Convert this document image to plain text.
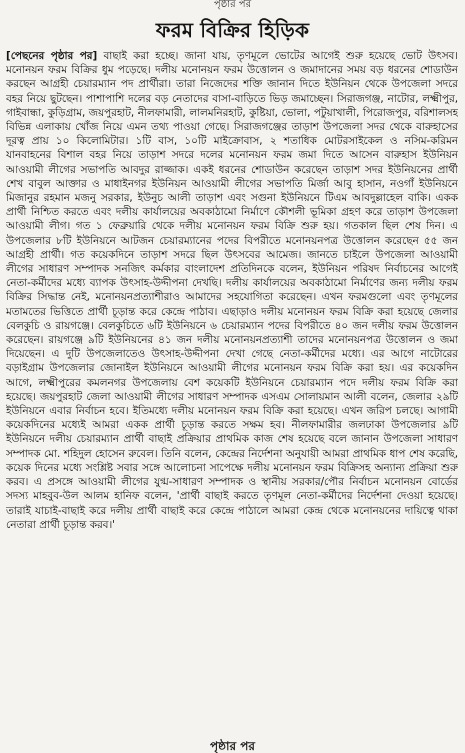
পৃষ্ঠার পর
ফরম বিক্রির হিড়িক

[পেছনের পৃষ্ঠার পর] বাছাই করা হচ্ছে। জানা যায়, তৃণমূলে ভোটের আগেই শুরু হয়েছে ভোট উৎসব। মনোনয়ন ফরম বিক্রির ধুম পড়েছে। দলীয় মনোনয়ন ফরম উত্তোলন ও জমাদানের সময় বড় ধরনের শোডাউন করছেন আগ্রহী চেয়ারম্যান পদ প্রার্থীরা। তারা নিজেদের শক্তি জানান দিতে ইউনিয়ন থেকে উপজেলা সদরে বহর নিয়ে ছুটছেন। পাশাপাশি দলের বড় নেতাদের বাসা-বাড়িতে ভিড় জমাচ্ছেন। সিরাজগঞ্জ, নাটোর, লক্ষ্মীপুর, গাইবান্ধা, কুড়িগ্রাম, জয়পুরহাট, নীলফামারী, লালমনিরহাট, কুষ্টিয়া, ভোলা, পটুয়াখালী, পিরোজপুর, বরিশালসহ বিভিন্ন এলাকায় খোঁজ নিয়ে এমন তথ্য পাওয়া গেছে। সিরাজগঞ্জের তাড়াশ উপজেলা সদর থেকে বারুহাসের দূরত্ব প্রায় ১০ কিলোমিটার। ১টি বাস, ১০টি মাইক্রোবাস, ২ শতাধিক মোটরসাইকেল ও নসিম-করিমন যানবাহনের বিশাল বহর নিয়ে তাড়াশ সদরে দলের মনোনয়ন ফরম জমা দিতে আসেন বারুহাস ইউনিয়ন আওয়ামী লীগের সভাপতি আবদুর রাজ্জাক। একই ধরনের শোডাউন করেছেন তাড়াশ সদর ইউনিয়নের প্রার্থী শেখ বাবুল আক্তার ও মাধাইনগর ইউনিয়ন আওয়ামী লীগের সভাপতি মির্জা আবু হাসান, নওগাঁ ইউনিয়নে মিজানুর রহমান মজনু সরকার, ইউনুচ আলী তাড়াশ এবং সগুনা ইউনিয়নে টিএম আবদুল্লাহেল বাকি। একক প্রার্থী নিশ্চিত করতে এবং দলীয় কার্যালয়ের অবকাঠামো নির্মাণে কৌশলী ভূমিকা গ্রহণ করে তাড়াশ উপজেলা আওয়ামী লীগ। গত ১ ফেব্রুয়ারি থেকে দলীয় মনোনয়ন ফরম বিক্রি শুরু হয়। গতকাল ছিল শেষ দিন। এ উপজেলার ৮টি ইউনিয়নে আটজন চেয়ারম্যানের পদের বিপরীতে মনোনয়নপত্র উত্তোলন করেছেন ৫৫ জন আগ্রহী প্রার্থী। গত কয়েকদিনে তাড়াশ সদরে ছিল উৎসবের আমেজ। জানতে চাইলে উপজেলা আওয়ামী লীগের সাধারণ সম্পাদক সনজিৎ কর্মকার বাংলাদেশ প্রতিদিনকে বলেন, ইউনিয়ন পরিষদ নির্বাচনের আগেই নেতা-কর্মীদের মধ্যে ব্যাপক উৎসাহ-উদ্দীপনা দেখছি। দলীয় কার্যালয়ের অবকাঠামো নির্মাণের জন্য দলীয় ফরম বিক্রির সিদ্ধান্ত নেই, মনোনয়নপ্রত্যাশীরাও আমাদের সহযোগিতা করেছেন। এখন ফরমগুলো এবং তৃণমূলের মতামতের ভিত্তিতে প্রার্থী চূড়ান্ত করে কেন্দ্রে পাঠাব। এছাড়াও দলীয় মনোনয়ন ফরম বিক্রি করা হয়েছে জেলার বেলকুচি ও রায়গঞ্জে। বেলকুচিতে ৬টি ইউনিয়নে ৬ চেয়ারম্যান পদের বিপরীতে ৪০ জন দলীয় ফরম উত্তোলন করেছেন। রায়গঞ্জে ৯টি ইউনিয়নের ৪১ জন দলীয় মনোনয়নপ্রত্যাশী তাদের মনোনয়নপত্র উত্তোলন ও জমা দিয়েছেন। এ দুটি উপজেলাতেও উৎসাহ-উদ্দীপনা দেখা গেছে নেতা-কর্মীদের মধ্যে। এর আগে নাটোরের বড়াইগ্রাম উপজেলার জোনাইল ইউনিয়নে আওয়ামী লীগের মনোনয়ন ফরম বিক্রি করা হয়। এর কয়েকদিন আগে, লক্ষ্মীপুরের কমলনগর উপজেলায় বেশ কয়েকটি ইউনিয়নে চেয়ারম্যান পদে দলীয় ফরম বিক্রি করা হয়েছে। জয়পুরহাট জেলা আওয়ামী লীগের সাধারণ সম্পাদক এসএম সোলায়মান আলী বলেন, জেলার ২৯টি ইউনিয়নে এবার নির্বাচন হবে। ইতিমধ্যে দলীয় মনোনয়ন ফরম বিক্রি করা হয়েছে। এখন জরিপ চলছে। আগামী কয়েকদিনের মধ্যেই আমরা একক প্রার্থী চূড়ান্ত করতে সক্ষম হব। নীলফামারীর জলঢাকা উপজেলার ৯টি ইউনিয়নে দলীয় চেয়ারম্যান প্রার্থী বাছাই প্রক্রিয়ার প্রাথমিক কাজ শেষ হয়েছে বলে জানান উপজেলা সাধারণ সম্পাদক মো. শহিদুল হোসেন রুবেল। তিনি বলেন, কেন্দ্রের নির্দেশনা অনুযায়ী আমরা প্রাথমিক ধাপ শেষ করেছি, কয়েক দিনের মধ্যে সংশ্লিষ্ট সবার সঙ্গে আলোচনা সাপেক্ষে দলীয় মনোনয়ন ফরম বিক্রিসহ অন্যান্য প্রক্রিয়া শুরু করব। এ প্রসঙ্গে আওয়ামী লীগের যুগ্ম-সাধারণ সম্পাদক ও স্থানীয় সরকার/পৌর নির্বাচন মনোনয়ন বোর্ডের সদস্য মাহবুব-উল আলম হানিফ বলেন, 'প্রার্থী বাছাই করতে তৃণমূল নেতা-কর্মীদের নির্দেশনা দেওয়া হয়েছে। তারাই যাচাই-বাছাই করে দলীয় প্রার্থী বাছাই করে কেন্দ্রে পাঠালে আমরা কেন্দ্র থেকে মনোনয়নের দায়িত্বে থাকা নেতারা প্রার্থী চূড়ান্ত করব।'

পৃষ্ঠার পর
